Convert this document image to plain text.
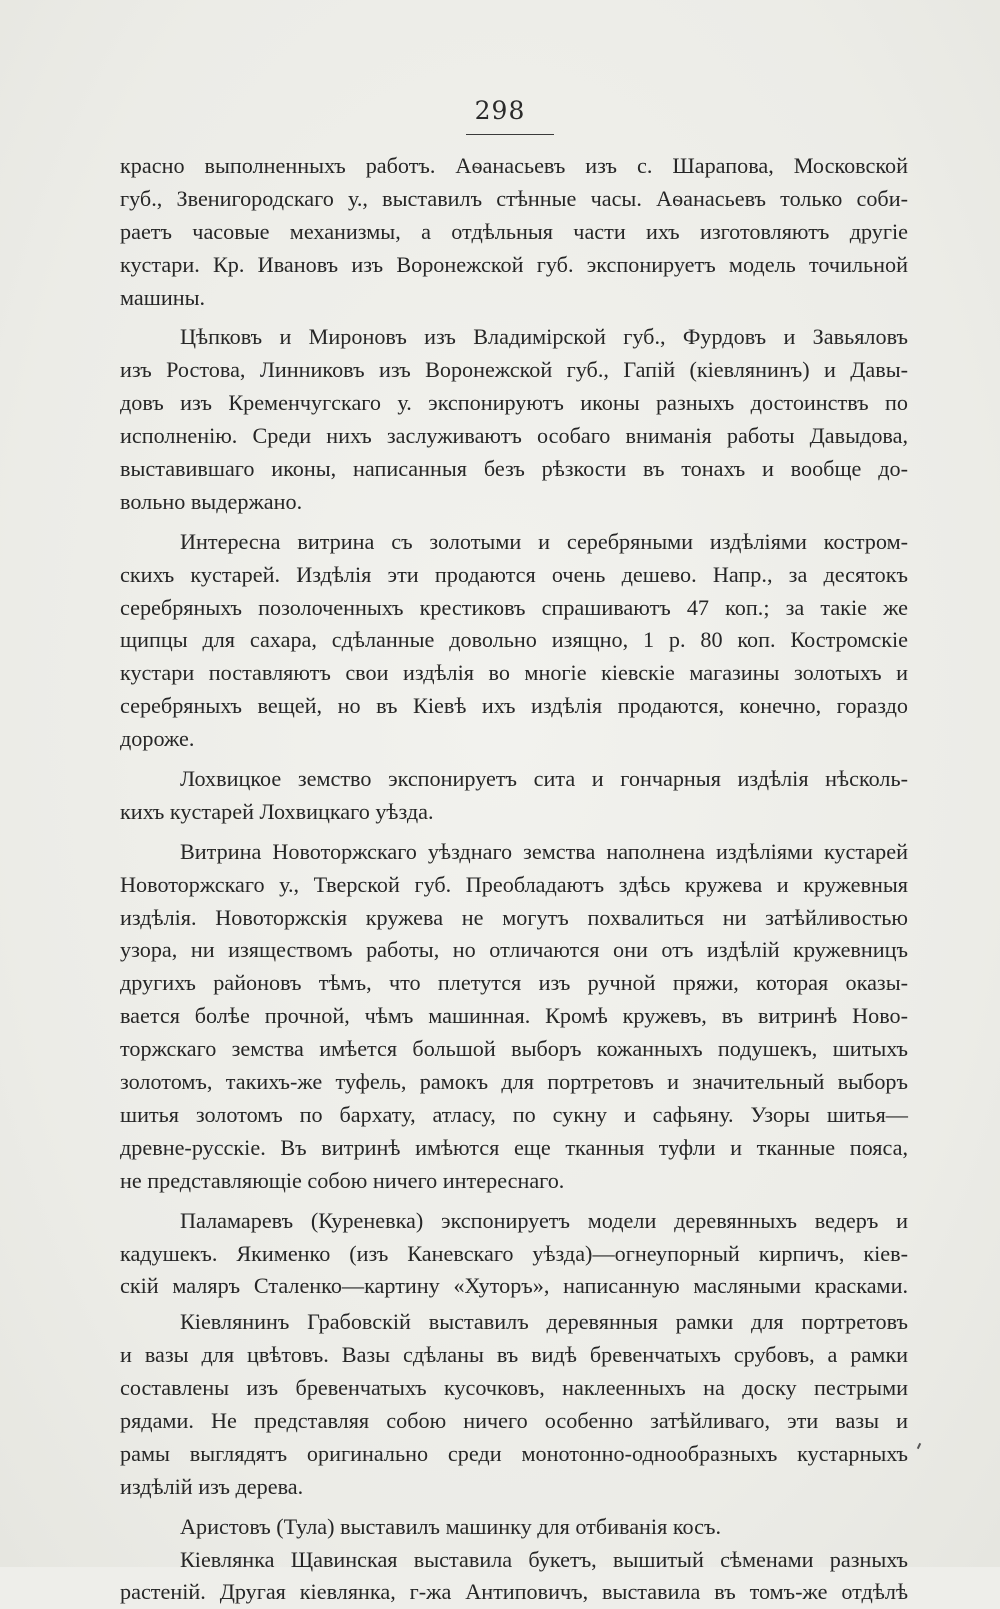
298
красно выполненныхъ работъ. Аѳанасьевъ изъ с. Шарапова, Московской
губ., Звенигородскаго у., выставилъ стѣнные часы. Аѳанасьевъ только соби-
раетъ часовые механизмы, а отдѣльныя части ихъ изготовляютъ другіе
кустари. Кр. Ивановъ изъ Воронежской губ. экспонируетъ модель точильной
машины.
Цѣпковъ и Мироновъ изъ Владимірской губ., Фурдовъ и Завьяловъ
изъ Ростова, Линниковъ изъ Воронежской губ., Гапій (кіевлянинъ) и Давы-
довъ изъ Кременчугскаго у. экспонируютъ иконы разныхъ достоинствъ по
исполненію. Среди нихъ заслуживаютъ особаго вниманія работы Давыдова,
выставившаго иконы, написанныя безъ рѣзкости въ тонахъ и вообще до-
вольно выдержано.
Интересна витрина съ золотыми и серебряными издѣліями костром-
скихъ кустарей. Издѣлія эти продаются очень дешево. Напр., за десятокъ
серебряныхъ позолоченныхъ крестиковъ спрашиваютъ 47 коп.; за такіе же
щипцы для сахара, сдѣланные довольно изящно, 1 р. 80 коп. Костромскіе
кустари поставляютъ свои издѣлія во многіе кіевскіе магазины золотыхъ и
серебряныхъ вещей, но въ Кіевѣ ихъ издѣлія продаются, конечно, гораздо
дороже.
Лохвицкое земство экспонируетъ сита и гончарныя издѣлія нѣсколь-
кихъ кустарей Лохвицкаго уѣзда.
Витрина Новоторжскаго уѣзднаго земства наполнена издѣліями кустарей
Новоторжскаго у., Тверской губ. Преобладаютъ здѣсь кружева и кружевныя
издѣлія. Новоторжскія кружева не могутъ похвалиться ни затѣйливостью
узора, ни изяществомъ работы, но отличаются они отъ издѣлій кружевницъ
другихъ районовъ тѣмъ, что плетутся изъ ручной пряжи, которая оказы-
вается болѣе прочной, чѣмъ машинная. Кромѣ кружевъ, въ витринѣ Ново-
торжскаго земства имѣется большой выборъ кожанныхъ подушекъ, шитыхъ
золотомъ, такихъ-же туфель, рамокъ для портретовъ и значительный выборъ
шитья золотомъ по бархату, атласу, по сукну и сафьяну. Узоры шитья—
древне-русскіе. Въ витринѣ имѣются еще тканныя туфли и тканные пояса,
не представляющіе собою ничего интереснаго.
Паламаревъ (Куреневка) экспонируетъ модели деревянныхъ ведеръ и
кадушекъ. Якименко (изъ Каневскаго уѣзда)—огнеупорный кирпичъ, кіев-
скій маляръ Сталенко—картину «Хуторъ», написанную масляными красками.
Кіевлянинъ Грабовскій выставилъ деревянныя рамки для портретовъ
и вазы для цвѣтовъ. Вазы сдѣланы въ видѣ бревенчатыхъ срубовъ, а рамки
составлены изъ бревенчатыхъ кусочковъ, наклеенныхъ на доску пестрыми
рядами. Не представляя собою ничего особенно затѣйливаго, эти вазы и
рамы выглядятъ оригинально среди монотонно-однообразныхъ кустарныхъ
издѣлій изъ дерева.
Аристовъ (Тула) выставилъ машинку для отбиванія косъ.
Кіевлянка Щавинская выставила букетъ, вышитый сѣменами разныхъ
растеній. Другая кіевлянка, г-жа Антиповичъ, выставила въ томъ-же отдѣлѣ
